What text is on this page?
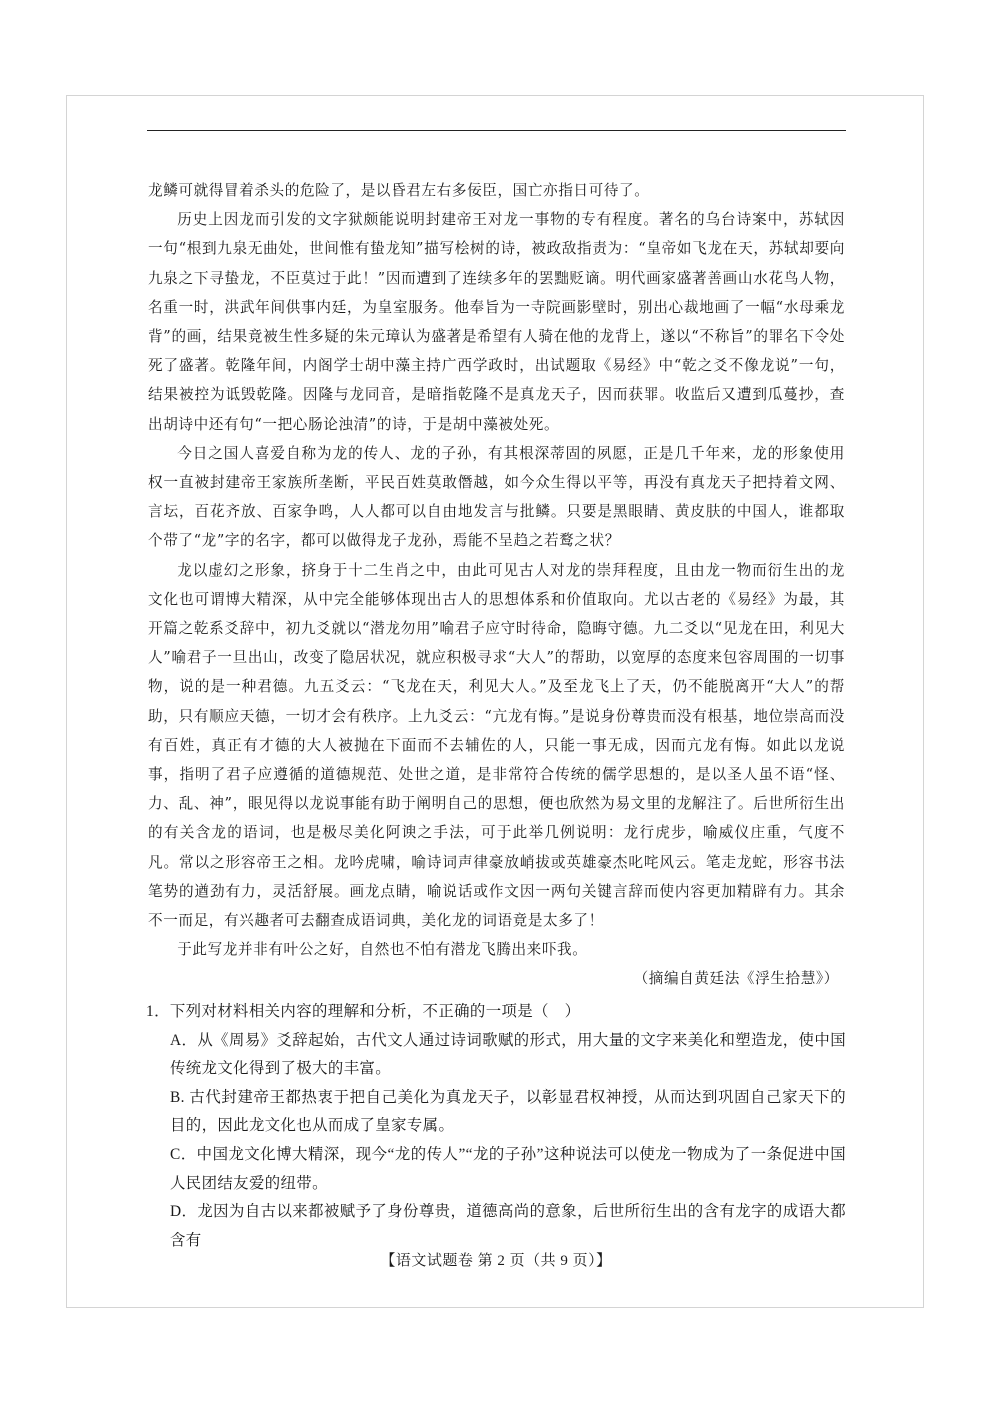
龙鳞可就得冒着杀头的危险了，是以昏君左右多佞臣，国亡亦指日可待了。

历史上因龙而引发的文字狱颇能说明封建帝王对龙一事物的专有程度。著名的乌台诗案中，苏轼因一句“根到九泉无曲处，世间惟有蛰龙知”描写桧树的诗，被政敌指责为：“皇帝如飞龙在天，苏轼却要向九泉之下寻蛰龙，不臣莫过于此！”因而遭到了连续多年的罢黜贬谪。明代画家盛著善画山水花鸟人物，名重一时，洪武年间供事内廷，为皇室服务。他奉旨为一寺院画影壁时，别出心裁地画了一幅“水母乘龙背”的画，结果竟被生性多疑的朱元璋认为盛著是希望有人骑在他的龙背上，遂以“不称旨”的罪名下令处死了盛著。乾隆年间，内阁学士胡中藻主持广西学政时，出试题取《易经》中“乾之爻不像龙说”一句，结果被控为诋毁乾隆。因隆与龙同音，是暗指乾隆不是真龙天子，因而获罪。收监后又遭到瓜蔓抄，查出胡诗中还有句“一把心肠论浊清”的诗，于是胡中藻被处死。

今日之国人喜爱自称为龙的传人、龙的子孙，有其根深蒂固的夙愿，正是几千年来，龙的形象使用权一直被封建帝王家族所垄断，平民百姓莫敢僭越，如今众生得以平等，再没有真龙天子把持着文网、言坛，百花齐放、百家争鸣，人人都可以自由地发言与批鳞。只要是黑眼睛、黄皮肤的中国人，谁都取个带了“龙”字的名字，都可以做得龙子龙孙，焉能不呈趋之若鹜之状？

龙以虚幻之形象，挤身于十二生肖之中，由此可见古人对龙的崇拜程度，且由龙一物而衍生出的龙文化也可谓博大精深，从中完全能够体现出古人的思想体系和价值取向。尤以古老的《易经》为最，其开篇之乾系爻辞中，初九爻就以“潜龙勿用”喻君子应守时待命，隐晦守德。九二爻以“见龙在田，利见大人”喻君子一旦出山，改变了隐居状况，就应积极寻求“大人”的帮助，以宽厚的态度来包容周围的一切事物，说的是一种君德。九五爻云：“飞龙在天，利见大人。”及至龙飞上了天，仍不能脱离开“大人”的帮助，只有顺应天德，一切才会有秩序。上九爻云：“亢龙有悔。”是说身份尊贵而没有根基，地位崇高而没有百姓，真正有才德的大人被抛在下面而不去辅佐的人，只能一事无成，因而亢龙有悔。如此以龙说事，指明了君子应遵循的道德规范、处世之道，是非常符合传统的儒学思想的，是以圣人虽不语“怪、力、乱、神”，眼见得以龙说事能有助于阐明自己的思想，便也欣然为易文里的龙解注了。后世所衍生出的有关含龙的语词，也是极尽美化阿谀之手法，可于此举几例说明：龙行虎步，喻威仪庄重，气度不凡。常以之形容帝王之相。龙吟虎啸，喻诗词声律豪放峭拔或英雄豪杰叱咤风云。笔走龙蛇，形容书法笔势的遒劲有力，灵活舒展。画龙点睛，喻说话或作文因一两句关键言辞而使内容更加精辟有力。其余不一而足，有兴趣者可去翻查成语词典，美化龙的词语竟是太多了！

于此写龙并非有叶公之好，自然也不怕有潜龙飞腾出来吓我。

（摘编自黄廷法《浮生拾慧》）

1．下列对材料相关内容的理解和分析，不正确的一项是（　）

A．从《周易》爻辞起始，古代文人通过诗词歌赋的形式，用大量的文字来美化和塑造龙，使中国传统龙文化得到了极大的丰富。

B. 古代封建帝王都热衷于把自己美化为真龙天子，以彰显君权神授，从而达到巩固自己家天下的目的，因此龙文化也从而成了皇家专属。

C．中国龙文化博大精深，现今“龙的传人”“龙的子孙”这种说法可以使龙一物成为了一条促进中国人民团结友爱的纽带。

D．龙因为自古以来都被赋予了身份尊贵，道德高尚的意象，后世所衍生出的含有龙字的成语大都含有

【语文试题卷 第 2 页（共 9 页）】
